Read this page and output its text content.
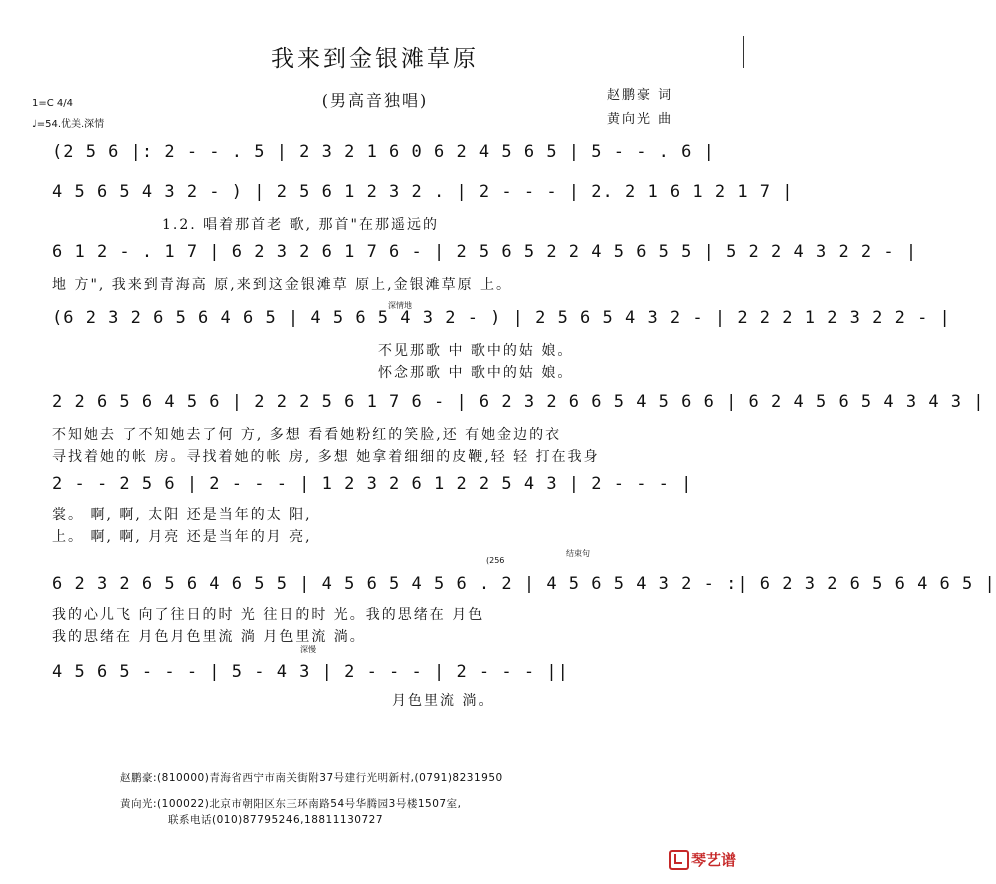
我来到金银滩草原
(男高音独唱)	赵鹏豪 词
黄向光 曲
1=C 4/4
♩=54.优美.深情
(2 5 6 |: 2 - - . 5 | 2 3 2 1 6 0 6 2 4 5 6 5 | 5 - - . 6 |
4 5 6 5 4 3 2 - ) | 2 5 6 1 2 3 2 . | 2 - - - | 2. 2 1 6 1 2 1 7 |
1.2. 唱着那首老 歌, 那首"在那遥远的
6 1 2 - . 1 7 | 6 2 3 2 6 1 7 6 - | 2 5 6 5 2 2 4 5 6 5 5 | 5 2 2 4 3 2 2 - |
地 方", 我来到青海高 原,来到这金银滩草 原上,金银滩草原 上。
深情地
(6 2 3 2 6 5 6 4 6 5 | 4 5 6 5 4 3 2 - ) | 2 5 6 5 4 3 2 - | 2 2 2 1 2 3 2 2 - |
不见那歌 中 歌中的姑 娘。
怀念那歌 中 歌中的姑 娘。
2 2 6 5 6 4 5 6 | 2 2 2 5 6 1 7 6 - | 6 2 3 2 6 6 5 4 5 6 6 | 6 2 4 5 6 5 4 3 4 3 |
不知她去 了不知她去了何 方, 多想 看看她粉红的笑脸,还 有她金边的衣
寻找着她的帐 房。寻找着她的帐 房, 多想 她拿着细细的皮鞭,轻 轻 打在我身
2 - - 2 5 6 | 2 - - - | 1 2 3 2 6 1 2 2 5 4 3 | 2 - - - |
裳。 啊, 啊, 太阳 还是当年的太 阳,
上。 啊, 啊, 月亮 还是当年的月 亮,
(256
结束句
6 2 3 2 6 5 6 4 6 5 5 | 4 5 6 5 4 5 6 . 2 | 4 5 6 5 4 3 2 - :| 6 2 3 2 6 5 6 4 6 5 |
我的心儿飞 向了往日的时 光 往日的时 光。我的思绪在 月色
我的思绪在 月色月色里流 淌 月色里流 淌。
深慢
4 5 6 5 - - - | 5 - 4 3 | 2 - - - | 2 - - - ||
月色里流 淌。
赵鹏豪:(810000)青海省西宁市南关街附37号建行光明新村,(0791)8231950
黄向光:(100022)北京市朝阳区东三环南路54号华腾园3号楼1507室,
联系电话(010)87795246,18811130727
琴艺谱
